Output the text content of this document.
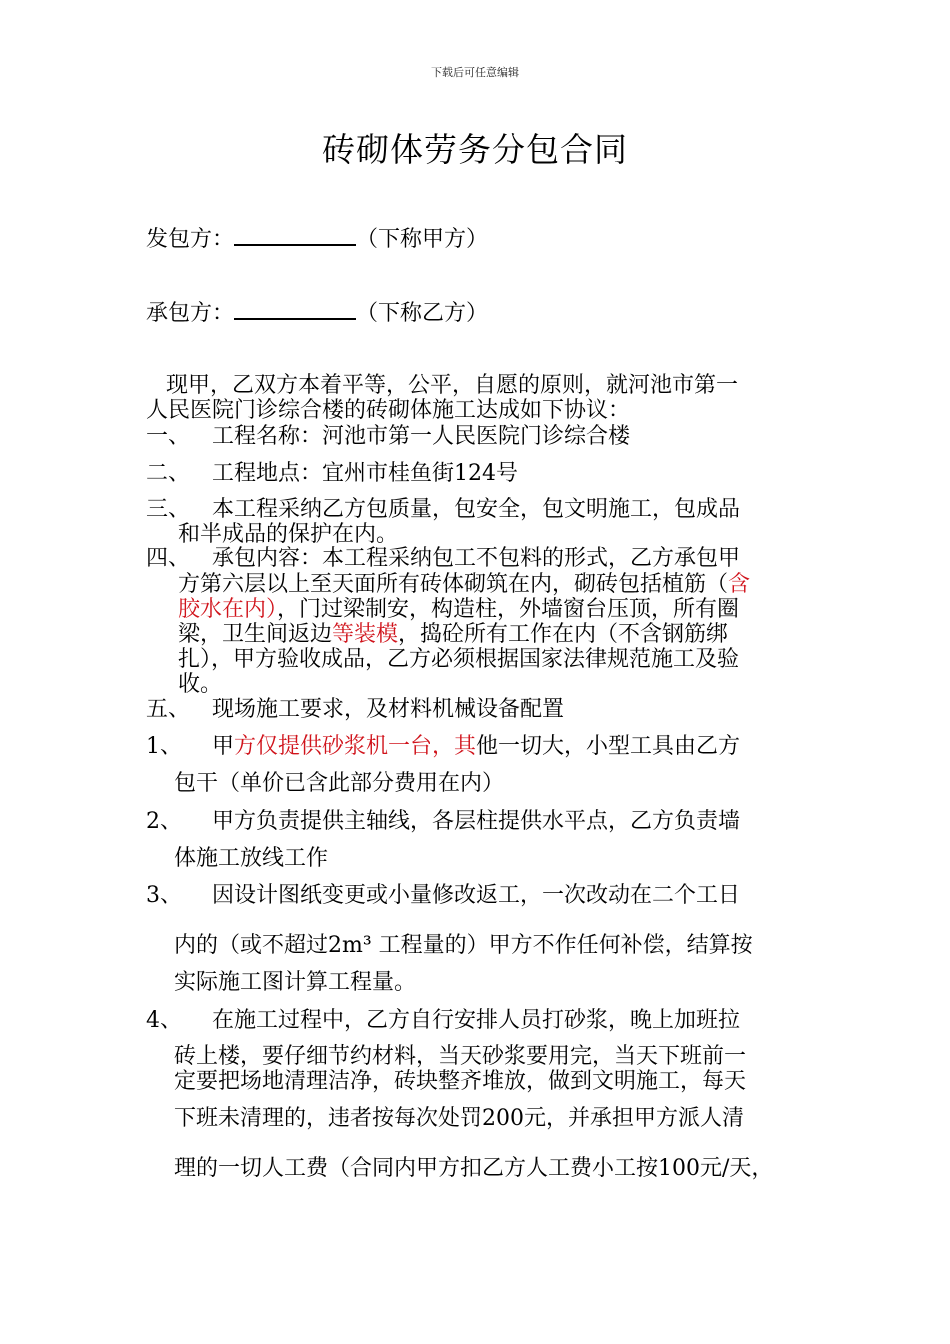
下载后可任意编辑
砖砌体劳务分包合同
发包方：	（下称甲方）
承包方：	（下称乙方）
现甲，乙双方本着平等，公平，自愿的原则，就河池市第一
人民医院门诊综合楼的砖砌体施工达成如下协议：
一、 工程名称：河池市第一人民医院门诊综合楼
二、 工程地点：宜州市桂鱼街124号
三、 本工程采纳乙方包质量，包安全，包文明施工，包成品
和半成品的保护在内。
四、 承包内容：本工程采纳包工不包料的形式，乙方承包甲
方第六层以上至天面所有砖体砌筑在内，砌砖包括植筋（含
胶水在内），门过梁制安，构造柱，外墙窗台压顶，所有圈
梁，卫生间返边等装模，捣砼所有工作在内（不含钢筋绑
扎），甲方验收成品，乙方必须根据国家法律规范施工及验
收。
五、 现场施工要求，及材料机械设备配置
1、 甲方仅提供砂浆机一台，其他一切大，小型工具由乙方
包干（单价已含此部分费用在内）
2、 甲方负责提供主轴线，各层柱提供水平点，乙方负责墙
体施工放线工作
3、 因设计图纸变更或小量修改返工，一次改动在二个工日
内的（或不超过2m³ 工程量的）甲方不作任何补偿，结算按
实际施工图计算工程量。
4、 在施工过程中，乙方自行安排人员打砂浆，晚上加班拉
砖上楼，要仔细节约材料，当天砂浆要用完，当天下班前一
定要把场地清理洁净，砖块整齐堆放，做到文明施工，每天
下班未清理的，违者按每次处罚200元，并承担甲方派人清
理的一切人工费（合同内甲方扣乙方人工费小工按100元/天，
